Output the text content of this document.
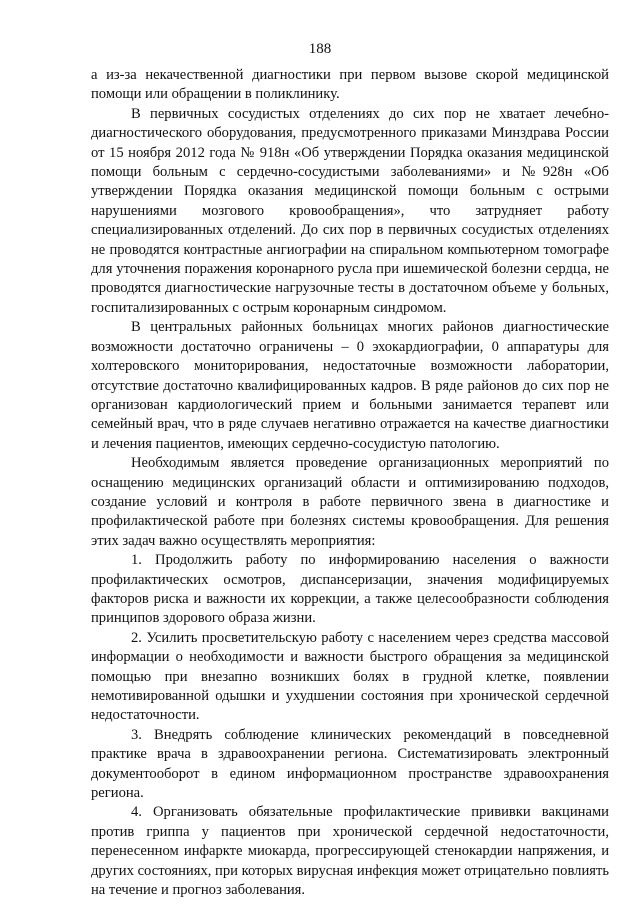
188

а из-за некачественной диагностики при первом вызове скорой медицинской помощи или обращении в поликлинику.

В первичных сосудистых отделениях до сих пор не хватает лечебно-диагностического оборудования, предусмотренного приказами Минздрава России от 15 ноября 2012 года № 918н «Об утверждении Порядка оказания медицинской помощи больным с сердечно-сосудистыми заболеваниями» и №928н «Об утверждении Порядка оказания медицинской помощи больным с острыми нарушениями мозгового кровообращения», что затрудняет работу специализированных отделений. До сих пор в первичных сосудистых отделениях не проводятся контрастные ангиографии на спиральном компьютерном томографе для уточнения поражения коронарного русла при ишемической болезни сердца, не проводятся диагностические нагрузочные тесты в достаточном объеме у больных, госпитализированных с острым коронарным синдромом.

В центральных районных больницах многих районов диагностические возможности достаточно ограничены – 0 эхокардиографии, 0 аппаратуры для холтеровского мониторирования, недостаточные возможности лаборатории, отсутствие достаточно квалифицированных кадров. В ряде районов до сих пор не организован кардиологический прием и больными занимается терапевт или семейный врач, что в ряде случаев негативно отражается на качестве диагностики и лечения пациентов, имеющих сердечно-сосудистую патологию.

Необходимым является проведение организационных мероприятий по оснащению медицинских организаций области и оптимизированию подходов, создание условий и контроля в работе первичного звена в диагностике и профилактической работе при болезнях системы кровообращения. Для решения этих задач важно осуществлять мероприятия:

1. Продолжить работу по информированию населения о важности профилактических осмотров, диспансеризации, значения модифицируемых факторов риска и важности их коррекции, а также целесообразности соблюдения принципов здорового образа жизни.

2. Усилить просветительскую работу с населением через средства массовой информации о необходимости и важности быстрого обращения за медицинской помощью при внезапно возникших болях в грудной клетке, появлении немотивированной одышки и ухудшении состояния при хронической сердечной недостаточности.

3. Внедрять соблюдение клинических рекомендаций в повседневной практике врача в здравоохранении региона. Систематизировать электронный документооборот в едином информационном пространстве здравоохранения региона.

4. Организовать обязательные профилактические прививки вакцинами против гриппа у пациентов при хронической сердечной недостаточности, перенесенном инфаркте миокарда, прогрессирующей стенокардии напряжения, и других состояниях, при которых вирусная инфекция может отрицательно повлиять на течение и прогноз заболевания.
